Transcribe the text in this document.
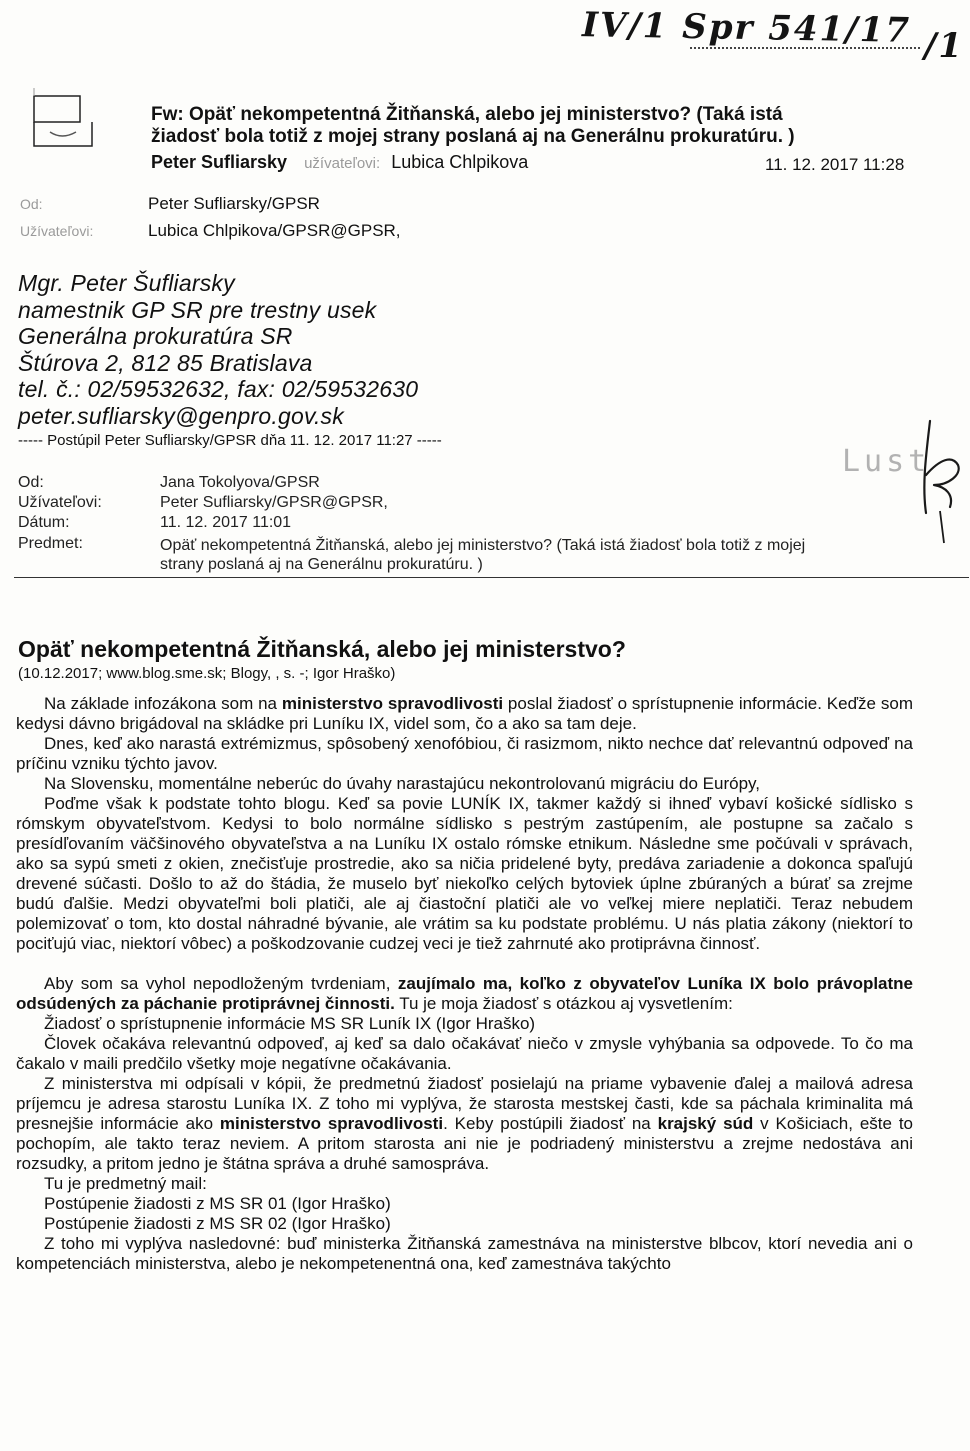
IV/1 Spr 541/17 /1
Fw: Opäť nekompetentná Žitňanská, alebo jej ministerstvo? (Taká istá
žiadosť bola totiž z mojej strany poslaná aj na Generálnu prokuratúru. )
Peter Sufliarsky užívateľovi: Lubica Chlpikova	11. 12. 2017 11:28
Od:	Peter Sufliarsky/GPSR
Užívateľovi:	Lubica Chlpikova/GPSR@GPSR,
Mgr. Peter Šufliarsky
namestnik GP SR pre trestny usek
Generálna prokuratúra SR
Štúrova 2, 812 85 Bratislava
tel. č.: 02/59532632, fax: 02/59532630
peter.sufliarsky@genpro.gov.sk
----- Postúpil Peter Sufliarsky/GPSR dňa 11. 12. 2017 11:27 -----
Lust
Od:	Jana Tokolyova/GPSR
Užívateľovi:	Peter Sufliarsky/GPSR@GPSR,
Dátum:	11. 12. 2017 11:01
Predmet:	Opäť nekompetentná Žitňanská, alebo jej ministerstvo? (Taká istá žiadosť bola totiž z mojej
strany poslaná aj na Generálnu prokuratúru. )
Opäť nekompetentná Žitňanská, alebo jej ministerstvo?
(10.12.2017; www.blog.sme.sk; Blogy, , s. -; Igor Hraško)

Na základe infozákona som na ministerstvo spravodlivosti poslal žiadosť o sprístupnenie informácie. Keďže som kedysi dávno brigádoval na skládke pri Luníku IX, videl som, čo a ako sa tam deje.

Dnes, keď ako narastá extrémizmus, spôsobený xenofóbiou, či rasizmom, nikto nechce dať relevantnú odpoveď na príčinu vzniku týchto javov.

Na Slovensku, momentálne neberúc do úvahy narastajúcu nekontrolovanú migráciu do Európy,

Poďme však k podstate tohto blogu. Keď sa povie LUNÍK IX, takmer každý si ihneď vybaví košické sídlisko s rómskym obyvateľstvom. Kedysi to bolo normálne sídlisko s pestrým zastúpením, ale postupne sa začalo s presídľovaním väčšinového obyvateľstva a na Luníku IX ostalo rómske etnikum. Následne sme počúvali v správach, ako sa sypú smeti z okien, znečisťuje prostredie, ako sa ničia pridelené byty, predáva zariadenie a dokonca spaľujú drevené súčasti. Došlo to až do štádia, že muselo byť niekoľko celých bytoviek úplne zbúraných a búrať sa zrejme budú ďalšie. Medzi obyvateľmi boli platiči, ale aj čiastoční platiči ale vo veľkej miere neplatiči. Teraz nebudem polemizovať o tom, kto dostal náhradné bývanie, ale vrátim sa ku podstate problému. U nás platia zákony (niektorí to pociťujú viac, niektorí vôbec) a poškodzovanie cudzej veci je tiež zahrnuté ako protiprávna činnosť.

Aby som sa vyhol nepodloženým tvrdeniam, zaujímalo ma, koľko z obyvateľov Luníka IX bolo právoplatne odsúdených za páchanie protiprávnej činnosti. Tu je moja žiadosť s otázkou aj vysvetlením:

Žiadosť o sprístupnenie informácie MS SR Luník IX (Igor Hraško)

Človek očakáva relevantnú odpoveď, aj keď sa dalo očakávať niečo v zmysle vyhýbania sa odpovede. To čo ma čakalo v maili predčilo všetky moje negatívne očakávania.

Z ministerstva mi odpísali v kópii, že predmetnú žiadosť posielajú na priame vybavenie ďalej a mailová adresa príjemcu je adresa starostu Luníka IX. Z toho mi vyplýva, že starosta mestskej časti, kde sa páchala kriminalita má presnejšie informácie ako ministerstvo spravodlivosti. Keby postúpili žiadosť na krajský súd v Košiciach, ešte to pochopím, ale takto teraz neviem. A pritom starosta ani nie je podriadený ministerstvu a zrejme nedostáva ani rozsudky, a pritom jedno je štátna správa a druhé samospráva.

Tu je predmetný mail:

Postúpenie žiadosti z MS SR 01 (Igor Hraško)

Postúpenie žiadosti z MS SR 02 (Igor Hraško)

Z toho mi vyplýva nasledovné: buď ministerka Žitňanská zamestnáva na ministerstve blbcov, ktorí nevedia ani o kompetenciách ministerstva, alebo je nekompetenentná ona, keď zamestnáva takýchto
